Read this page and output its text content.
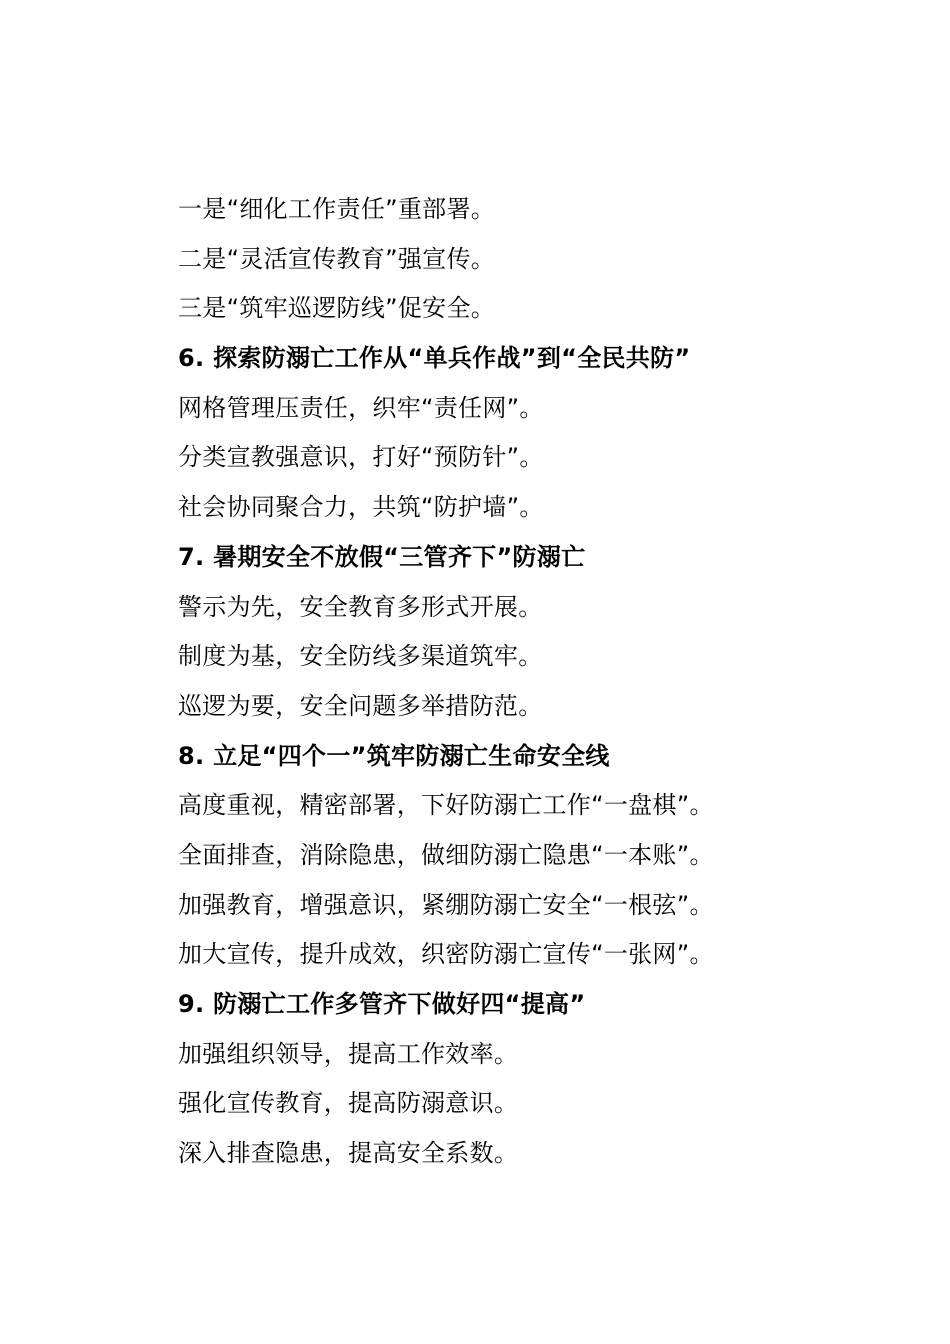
一是“细化工作责任”重部署。
二是“灵活宣传教育”强宣传。
三是“筑牢巡逻防线”促安全。
6. 探索防溺亡工作从“单兵作战”到“全民共防”
网格管理压责任，织牢“责任网”。
分类宣教强意识，打好“预防针”。
社会协同聚合力，共筑“防护墙”。
7. 暑期安全不放假“三管齐下”防溺亡
警示为先，安全教育多形式开展。
制度为基，安全防线多渠道筑牢。
巡逻为要，安全问题多举措防范。
8. 立足“四个一”筑牢防溺亡生命安全线
高度重视，精密部署，下好防溺亡工作“一盘棋”。
全面排查，消除隐患，做细防溺亡隐患“一本账”。
加强教育，增强意识，紧绷防溺亡安全“一根弦”。
加大宣传，提升成效，织密防溺亡宣传“一张网”。
9. 防溺亡工作多管齐下做好四“提高”
加强组织领导，提高工作效率。
强化宣传教育，提高防溺意识。
深入排查隐患，提高安全系数。
